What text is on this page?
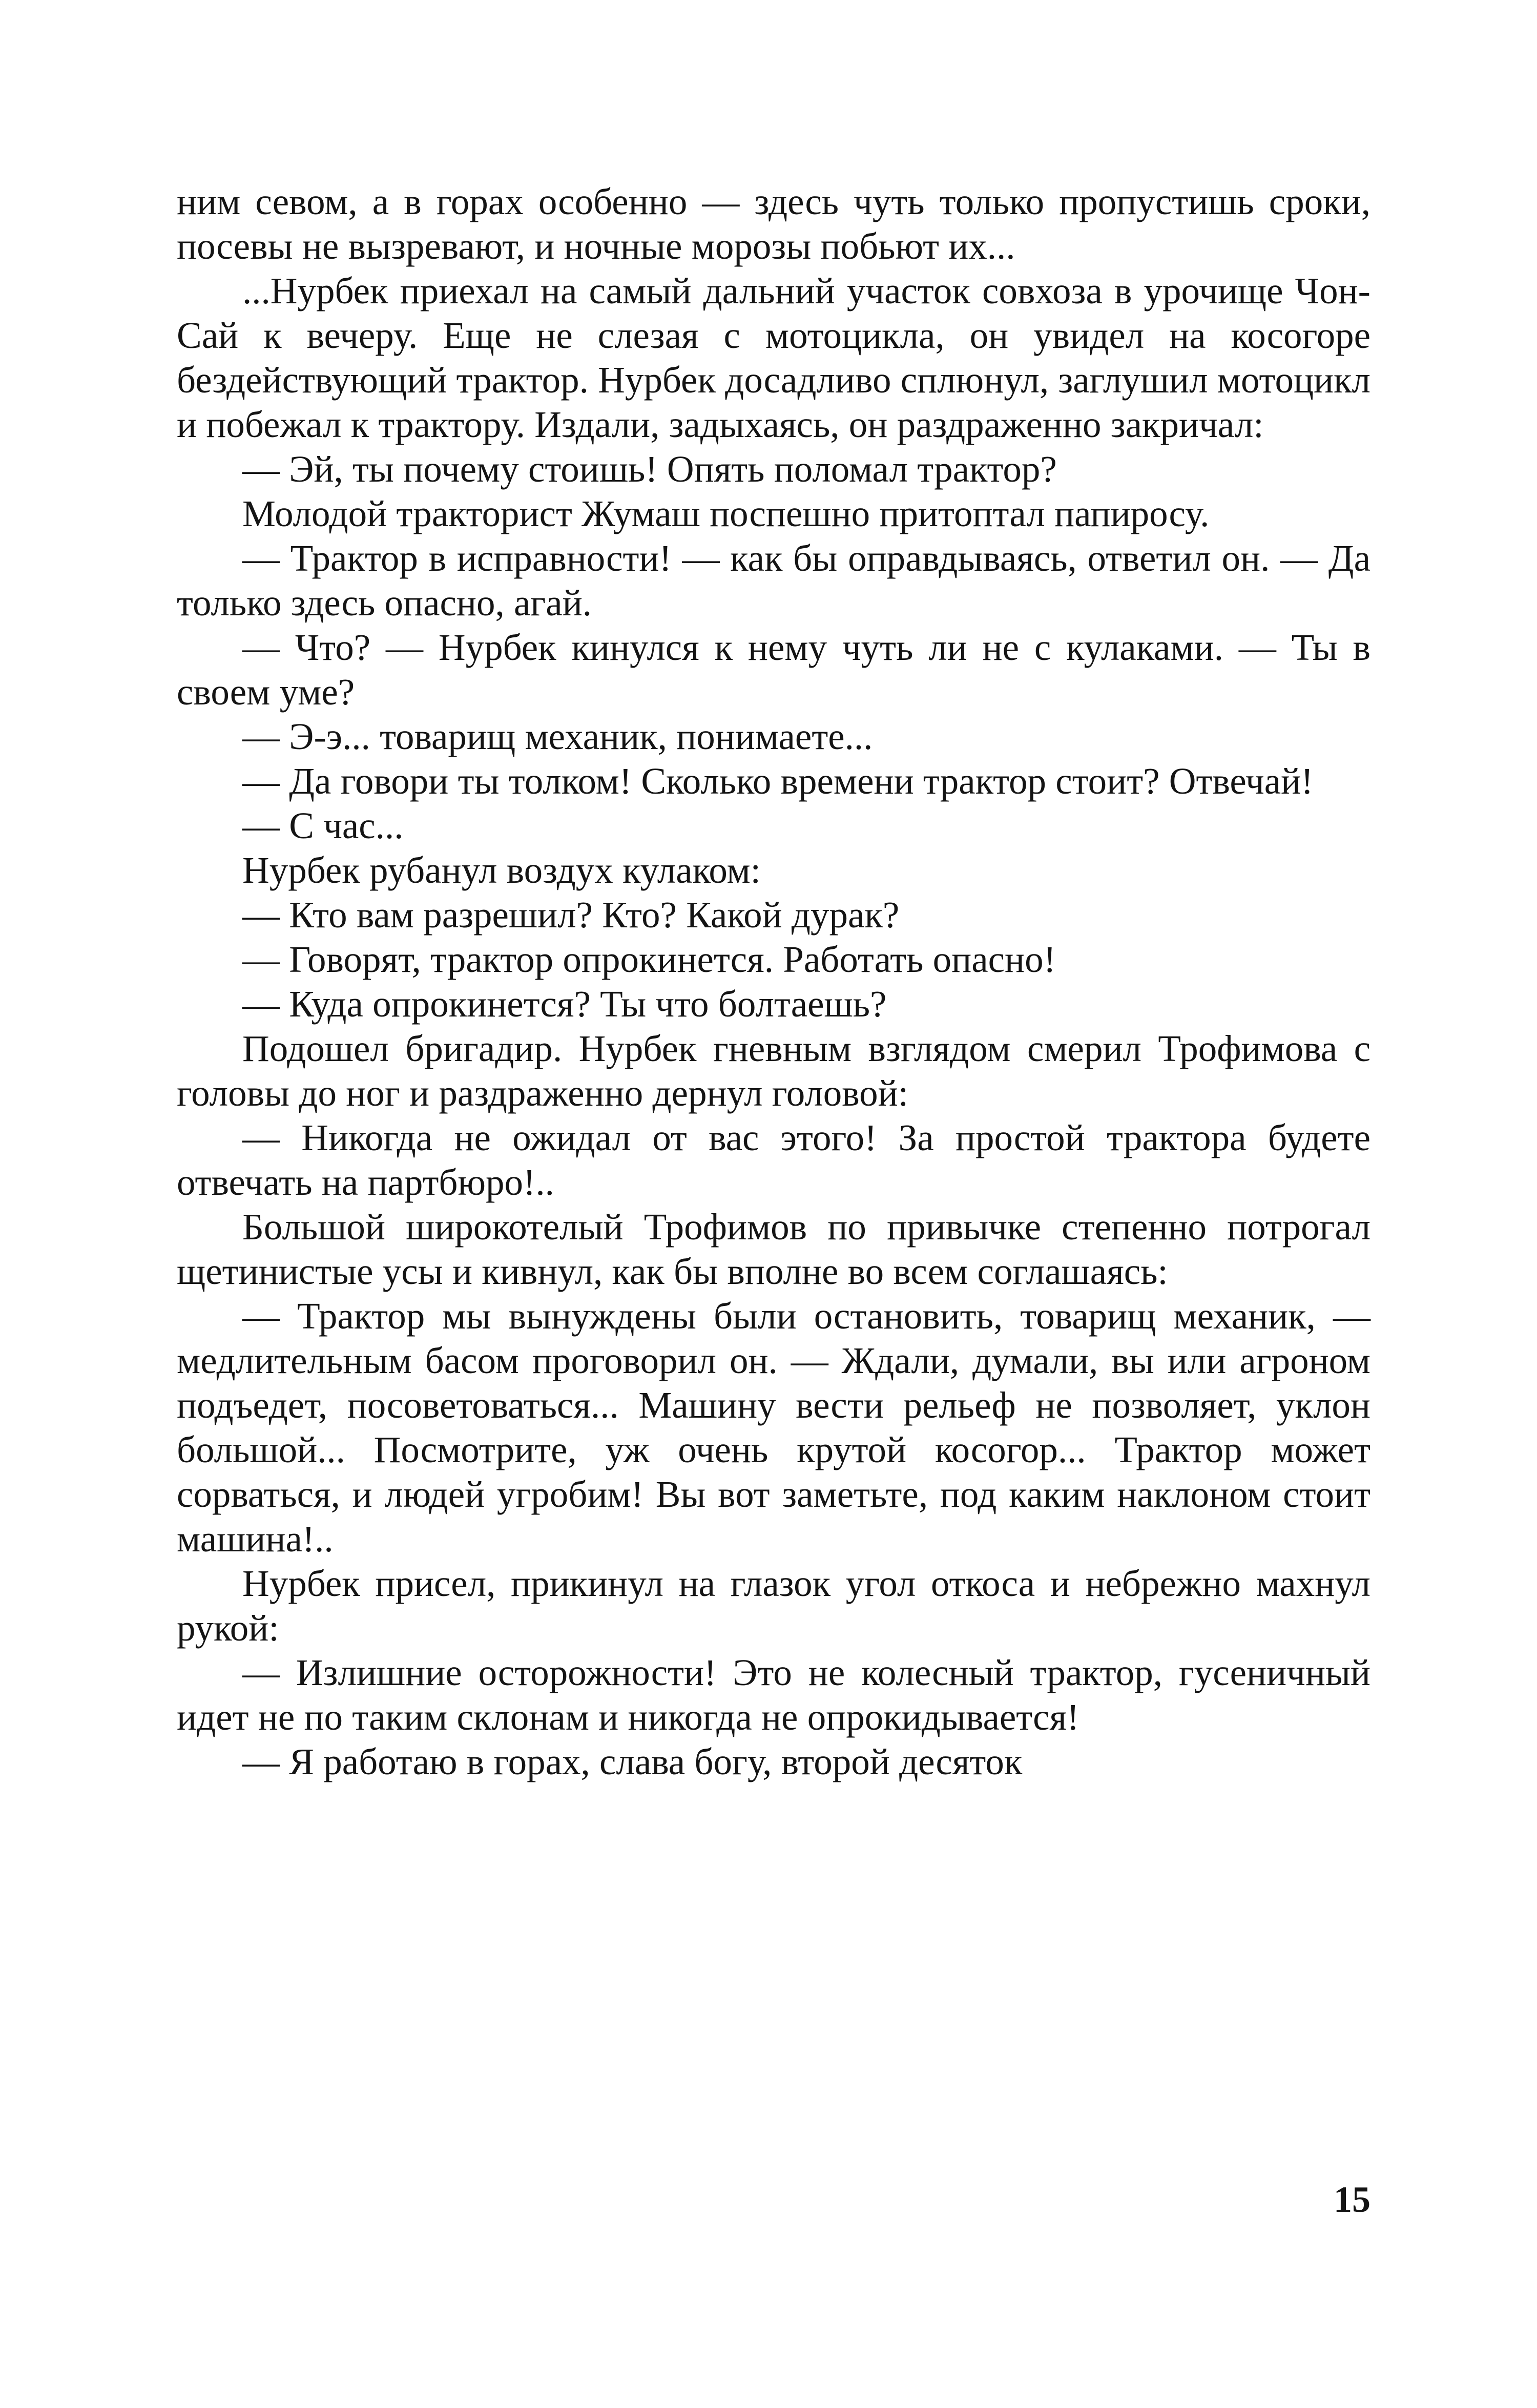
ним севом, а в горах особенно — здесь чуть только пропустишь сроки, посевы не вызревают, и ночные морозы побьют их...

...Нурбек приехал на самый дальний участок совхоза в урочище Чон-Сай к вечеру. Еще не слезая с мотоцикла, он увидел на косогоре бездействующий трактор. Нурбек досадливо сплюнул, заглушил мотоцикл и побежал к трактору. Издали, задыхаясь, он раздраженно закричал:

— Эй, ты почему стоишь! Опять поломал трактор?

Молодой тракторист Жумаш поспешно притоптал папиросу.

— Трактор в исправности! — как бы оправдываясь, ответил он. — Да только здесь опасно, агай.

— Что? — Нурбек кинулся к нему чуть ли не с кулаками. — Ты в своем уме?

— Э-э... товарищ механик, понимаете...

— Да говори ты толком! Сколько времени трактор стоит? Отвечай!

— С час...

Нурбек рубанул воздух кулаком:

— Кто вам разрешил? Кто? Какой дурак?

— Говорят, трактор опрокинется. Работать опасно!

— Куда опрокинется? Ты что болтаешь?

Подошел бригадир. Нурбек гневным взглядом смерил Трофимова с головы до ног и раздраженно дернул головой:

— Никогда не ожидал от вас этого! За простой трактора будете отвечать на партбюро!..

Большой широкотелый Трофимов по привычке степенно потрогал щетинистые усы и кивнул, как бы вполне во всем соглашаясь:

— Трактор мы вынуждены были остановить, товарищ механик, — медлительным басом проговорил он. — Ждали, думали, вы или агроном подъедет, посоветоваться... Машину вести рельеф не позволяет, уклон большой... Посмотрите, уж очень крутой косогор... Трактор может сорваться, и людей угробим! Вы вот заметьте, под каким наклоном стоит машина!..

Нурбек присел, прикинул на глазок угол откоса и небрежно махнул рукой:

— Излишние осторожности! Это не колесный трактор, гусеничный идет не по таким склонам и никогда не опрокидывается!

— Я работаю в горах, слава богу, второй десяток

15
